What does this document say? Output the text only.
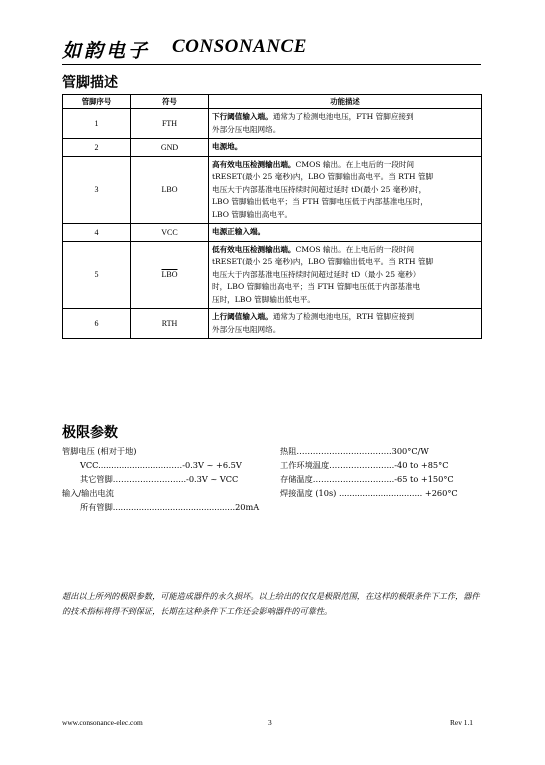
如韵电子 CONSONANCE
管脚描述
管脚序号	符号	功能描述
1	FTH	下行阈值输入端。通常为了检测电池电压，FTH 管脚应接到
外部分压电阻网络。

2	GND	电源地。

3	LBO	高有效电压检测输出端。CMOS 输出。在上电后的一段时间
tRESET(最小 25 毫秒)内，LBO 管脚输出高电平。当 RTH 管脚
电压大于内部基准电压持续时间超过延时 tD(最小 25 毫秒)时，
LBO 管脚输出低电平；当 FTH 管脚电压低于内部基准电压时，
LBO 管脚输出高电平。

4	VCC	电源正输入端。

5	$\overline{LBO}$	低有效电压检测输出端。CMOS 输出。在上电后的一段时间
tRESET(最小 25 毫秒)内，LBO 管脚输出低电平。当 RTH 管脚
电压大于内部基准电压持续时间超过延时 tD（最小 25 毫秒）
时，LBO 管脚输出高电平；当 FTH 管脚电压低于内部基准电
压时，LBO 管脚输出低电平。

6	RTH	上行阈值输入端。通常为了检测电池电压，RTH 管脚应接到
外部分压电阻网络。
极限参数
管脚电压 (相对于地)
VCC..........................……-0.3V ~ +6.5V
其它管脚……………………...-0.3V ~ VCC
输入/输出电流
所有管脚...............................................20mA
热阻………………….………….300°C/W
工作环境温度…………………...-40 to +85°C
存储温度………………………...-65 to +150°C
焊接温度 (10s) ................................ +260°C
超出以上所列的极限参数，可能造成器件的永久损坏。以上给出的仅仅是极限范围，在这样的极限条件下工作，器件的技术指标将得不到保证，长期在这种条件下工作还会影响器件的可靠性。
www.consonance-elec.com	3	Rev 1.1
